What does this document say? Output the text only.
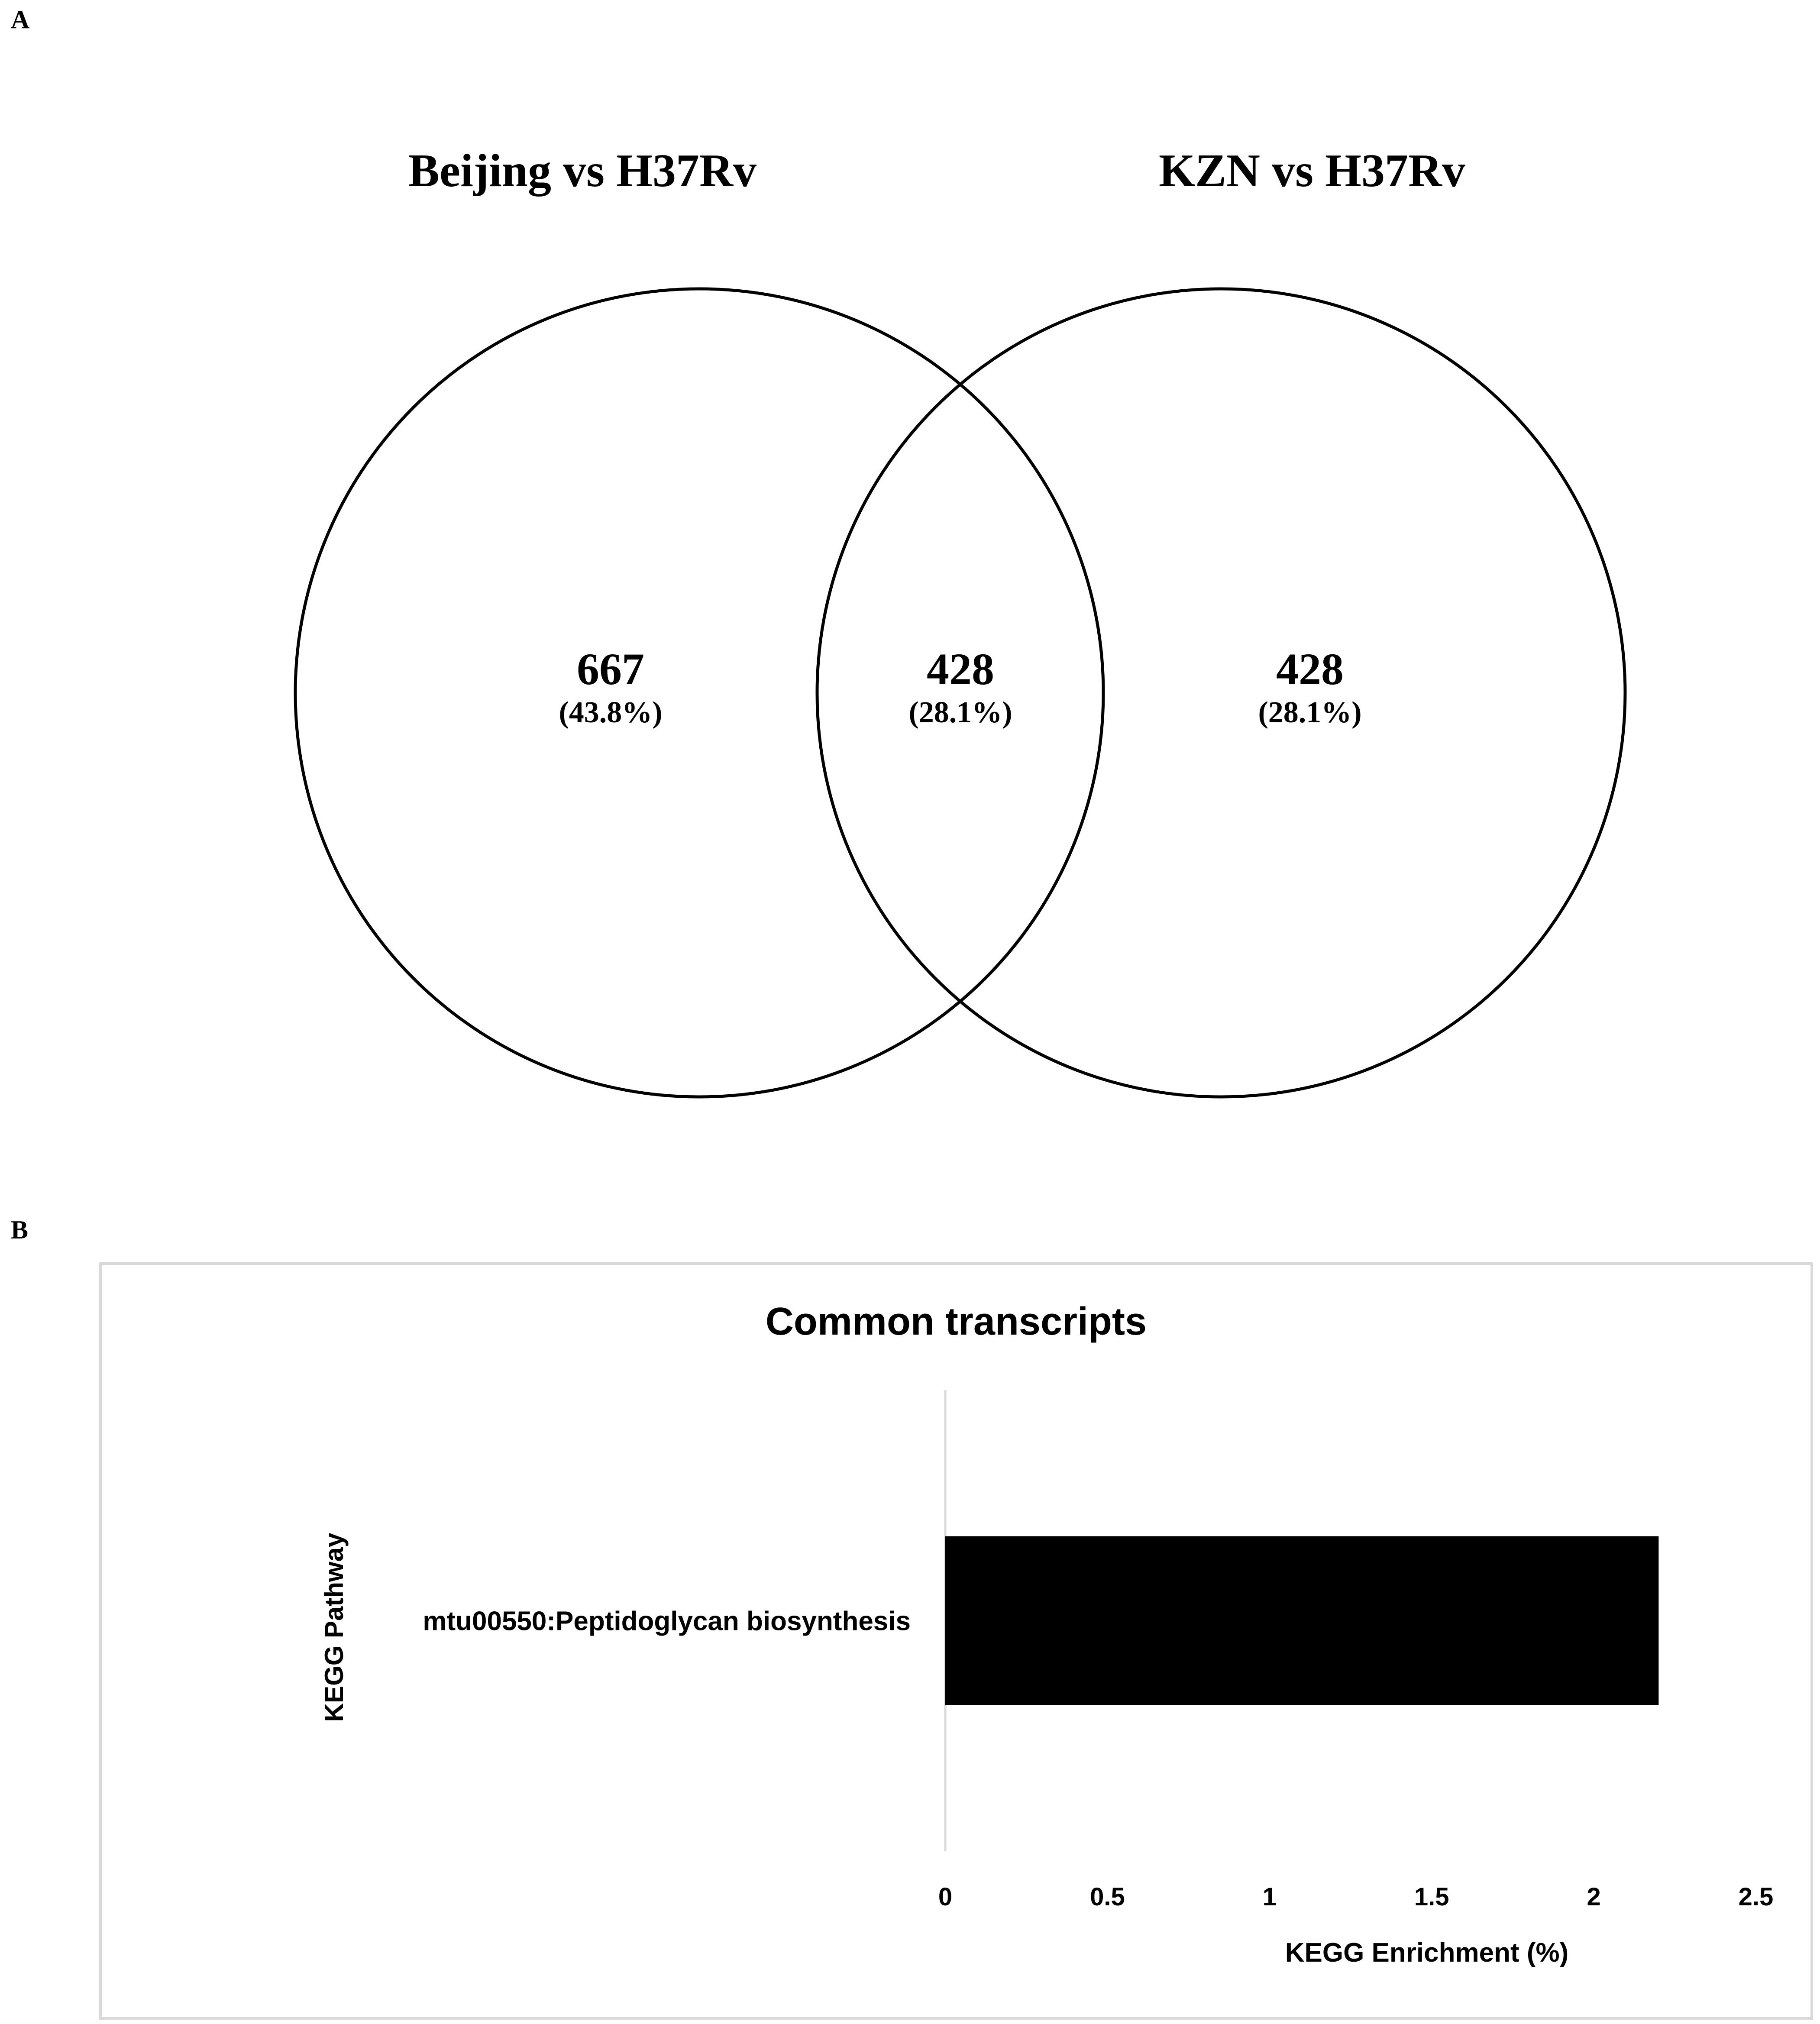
A
Beijing vs H37Rv	KZN vs H37Rv
667
(43.8%)
428
(28.1%)
428
(28.1%)
B
Common transcripts
KEGG Pathway
KEGG Enrichment (%)
mtu00550:Peptidoglycan biosynthesis
0	0.5	1	1.5	2	2.5
